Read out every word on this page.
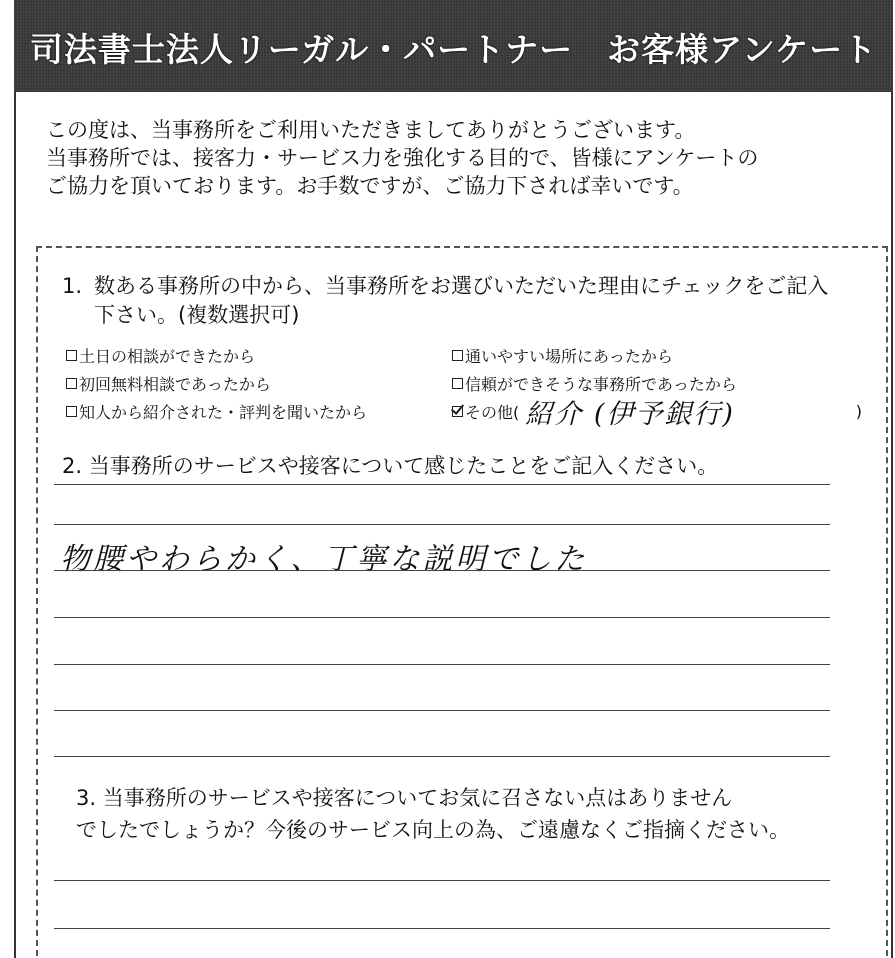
司法書士法人リーガル・パートナー　お客様アンケート

この度は、当事務所をご利用いただきましてありがとうございます。
当事務所では、接客力・サービス力を強化する目的で、皆様にアンケートの
ご協力を頂いております。お手数ですが、ご協力下されば幸いです。

1. 数ある事務所の中から、当事務所をお選びいただいた理由にチェックをご記入
下さい。(複数選択可)
土日の相談ができたから	通いやすい場所にあったから
初回無料相談であったから	信頼ができそうな事務所であったから
知人から紹介された・評判を聞いたから	その他( 紹介 (伊予銀行)	)
2. 当事務所のサービスや接客について感じたことをご記入ください。
物腰やわらかく、丁寧な説明でした
3. 当事務所のサービスや接客についてお気に召さない点はありません
でしたでしょうか？今後のサービス向上の為、ご遠慮なくご指摘ください。
